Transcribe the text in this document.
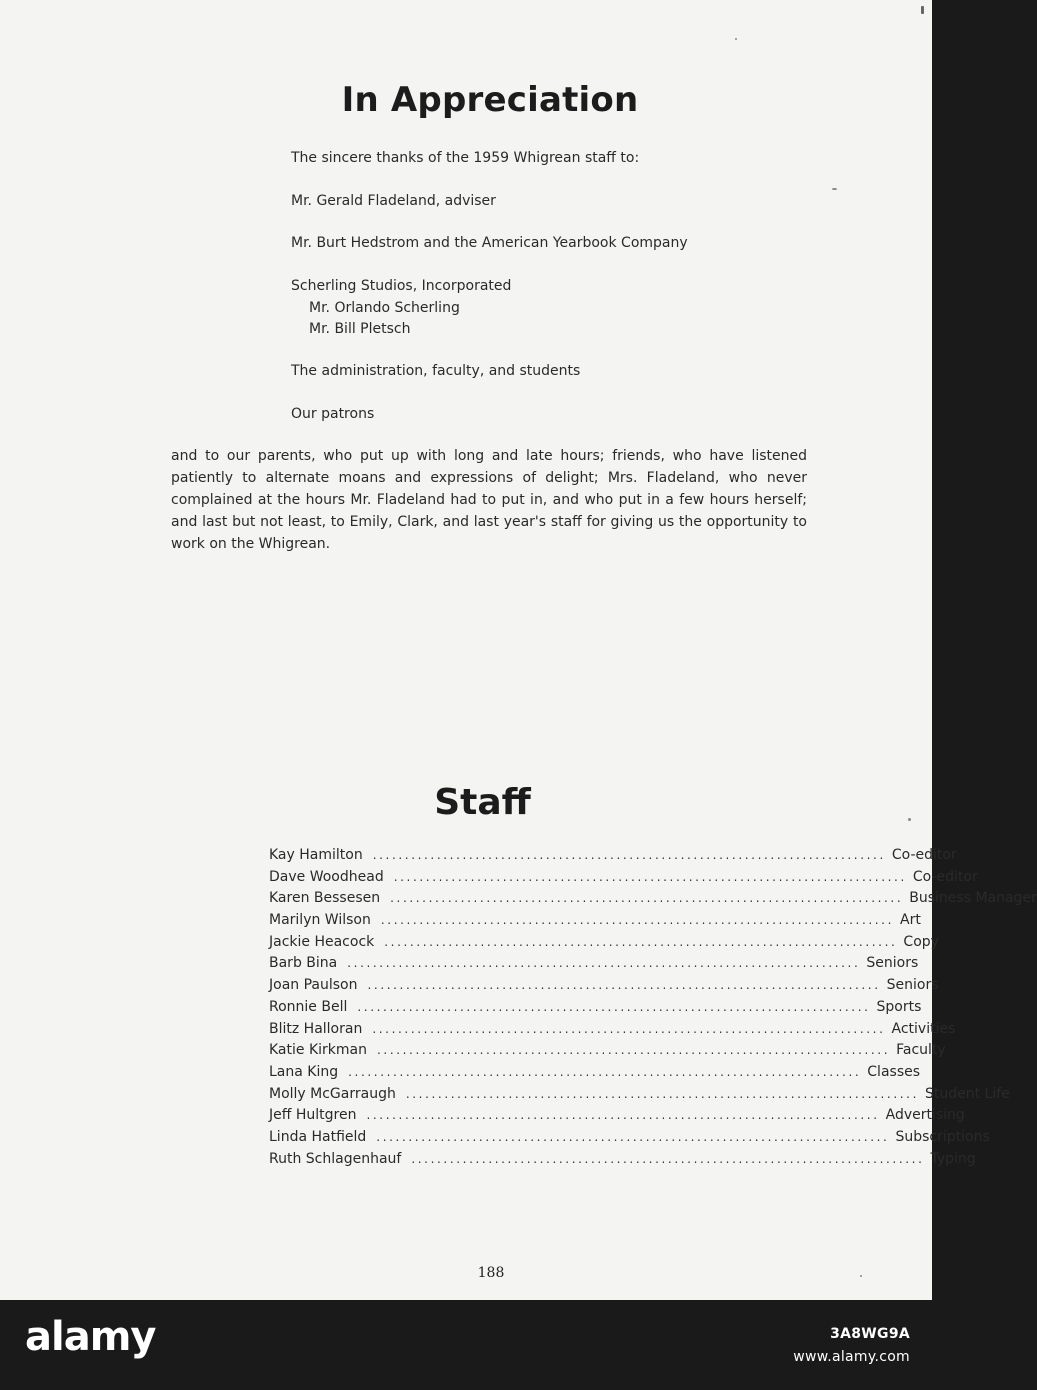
In Appreciation

The sincere thanks of the 1959 Whigrean staff to:

Mr. Gerald Fladeland, adviser

Mr. Burt Hedstrom and the American Yearbook Company

Scherling Studios, Incorporated

Mr. Orlando Scherling

Mr. Bill Pletsch

The administration, faculty, and students

Our patrons

and to our parents, who put up with long and late hours; friends, who have listened patiently to alternate moans and expressions of delight; Mrs. Fladeland, who never complained at the hours Mr. Fladeland had to put in, and who put in a few hours herself; and last but not least, to Emily, Clark, and last year's staff for giving us the opportunity to work on the Whigrean.

Staff
Kay Hamilton ................................................................................ Co-editor
Dave Woodhead ................................................................................ Co-editor
Karen Bessesen ................................................................................ Business Manager
Marilyn Wilson ................................................................................ Art
Jackie Heacock ................................................................................ Copy
Barb Bina ................................................................................ Seniors
Joan Paulson ................................................................................ Seniors
Ronnie Bell ................................................................................ Sports
Blitz Halloran ................................................................................ Activities
Katie Kirkman ................................................................................ Faculty
Lana King ................................................................................ Classes
Molly McGarraugh ................................................................................ Student Life
Jeff Hultgren ................................................................................ Advertising
Linda Hatfield ................................................................................ Subscriptions
Ruth Schlagenhauf ................................................................................ Typing

188

alamy	3A8WG9A

www.alamy.com
